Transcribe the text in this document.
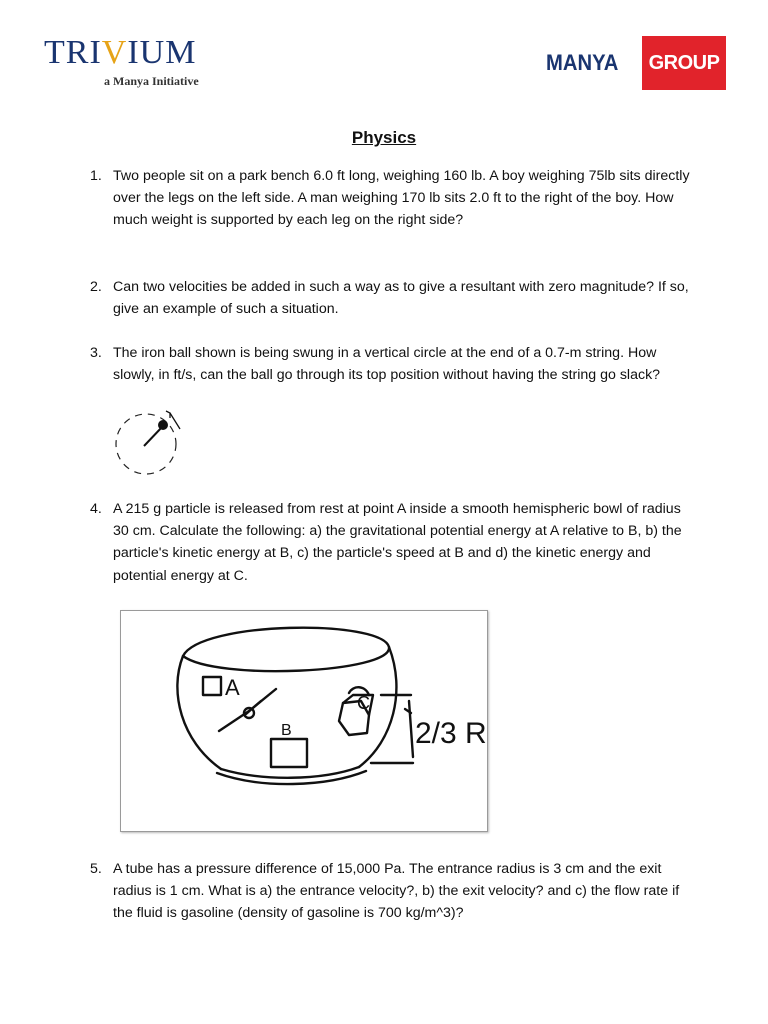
TRIVIUM
a Manya Initiative
MANYA	GROUP
Physics
1. Two people sit on a park bench 6.0 ft long, weighing 160 lb. A boy weighing 75lb sits directly over the legs on the left side. A man weighing 170 lb sits 2.0 ft to the right of the boy. How much weight is supported by each leg on the right side?
2. Can two velocities be added in such a way as to give a resultant with zero magnitude? If so, give an example of such a situation.
3. The iron ball shown is being swung in a vertical circle at the end of a 0.7-m string. How slowly, in ft/s, can the ball go through its top position without having the string go slack?
4. A 215 g particle is released from rest at point A inside a smooth hemispheric bowl of radius 30 cm. Calculate the following: a) the gravitational potential energy at A relative to B, b) the particle's kinetic energy at B, c) the particle's speed at B and d) the kinetic energy and potential energy at C.
A
B
C
2/3 R
5. A tube has a pressure difference of 15,000 Pa. The entrance radius is 3 cm and the exit radius is 1 cm. What is a) the entrance velocity?, b) the exit velocity? and c) the flow rate if the fluid is gasoline (density of gasoline is 700 kg/m^3)?
